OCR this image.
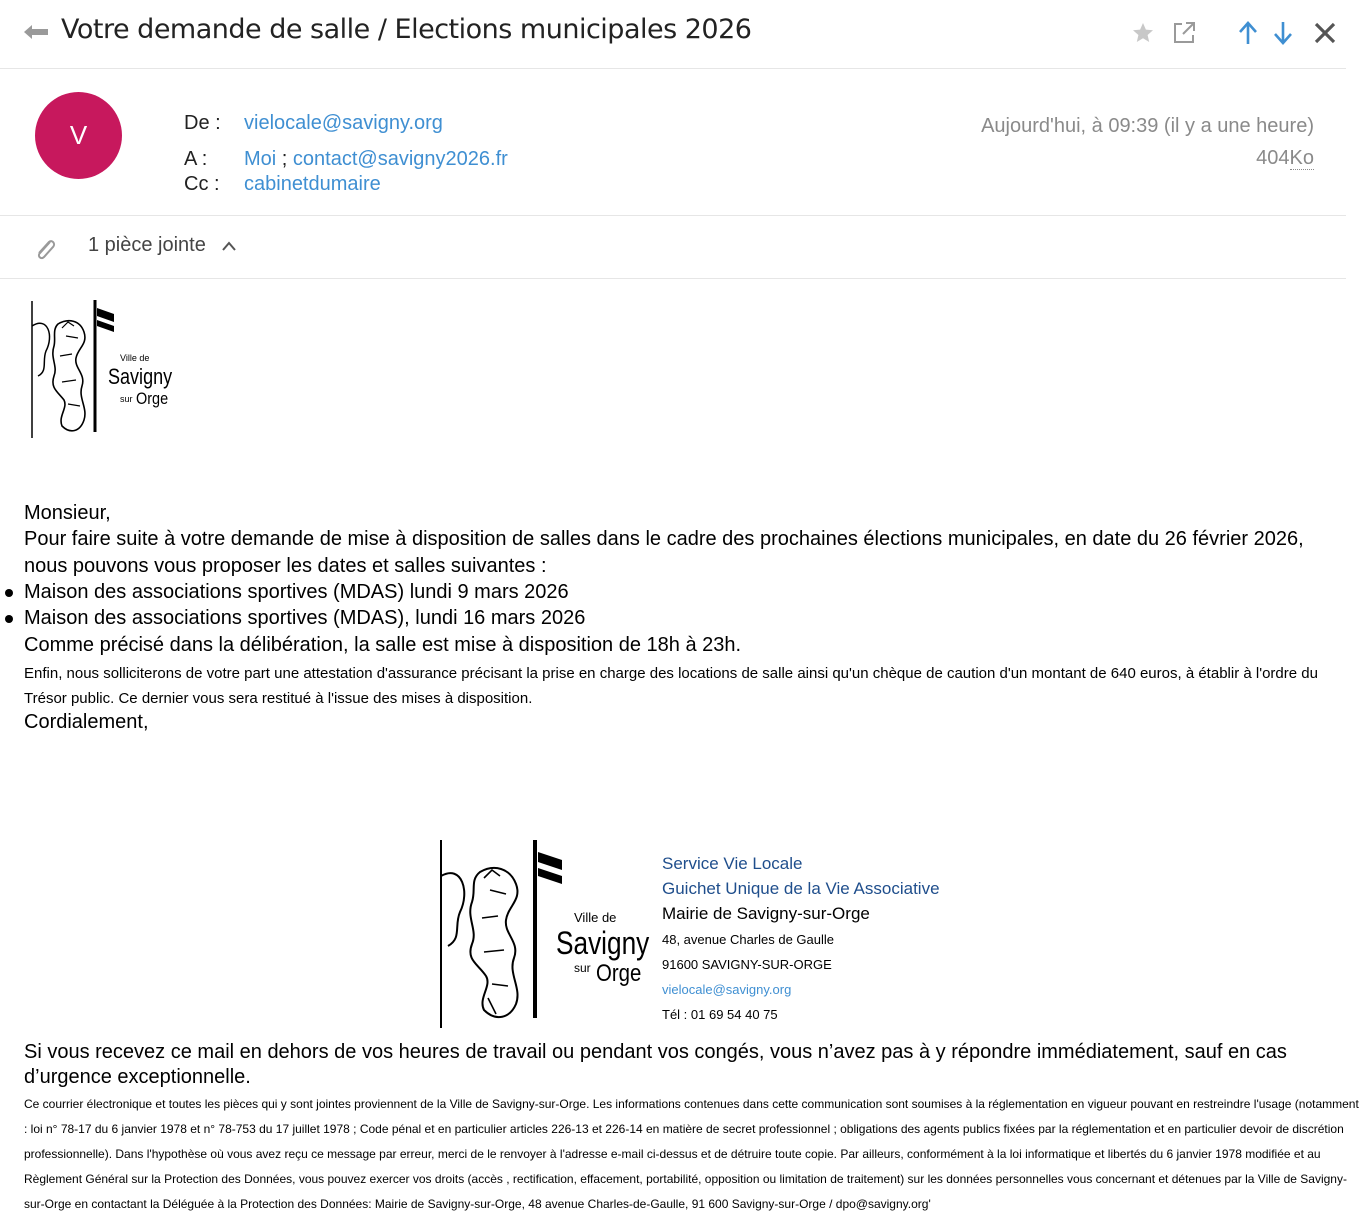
Votre demande de salle / Elections municipales 2026
V	De : vielocale@savigny.org
A : Moi ; contact@savigny2026.fr
Cc : cabinetdumaire
Aujourd'hui, à 09:39 (il y a une heure)
404Ko
1 pièce jointe
Ville de
Savigny
sur Orge
Monsieur,
Pour faire suite à votre demande de mise à disposition de salles dans le cadre des prochaines élections municipales, en date du 26 février 2026, nous pouvons vous proposer les dates et salles suivantes :
Maison des associations sportives (MDAS) lundi 9 mars 2026
Maison des associations sportives (MDAS), lundi 16 mars 2026
Comme précisé dans la délibération, la salle est mise à disposition de 18h à 23h.
Enfin, nous solliciterons de votre part une attestation d'assurance précisant la prise en charge des locations de salle ainsi qu'un chèque de caution d'un montant de 640 euros, à établir à l'ordre du Trésor public. Ce dernier vous sera restitué à l'issue des mises à disposition.
Cordialement,
Ville de
Savigny
sur Orge
Service Vie Locale
Guichet Unique de la Vie Associative
Mairie de Savigny-sur-Orge
48, avenue Charles de Gaulle
91600 SAVIGNY-SUR-ORGE
vielocale@savigny.org
Tél : 01 69 54 40 75
Si vous recevez ce mail en dehors de vos heures de travail ou pendant vos congés, vous n’avez pas à y répondre immédiatement, sauf en cas d’urgence exceptionnelle.
Ce courrier électronique et toutes les pièces qui y sont jointes proviennent de la Ville de Savigny-sur-Orge. Les informations contenues dans cette communication sont soumises à la réglementation en vigueur pouvant en restreindre l'usage (notamment : loi n° 78-17 du 6 janvier 1978 et n° 78-753 du 17 juillet 1978 ; Code pénal et en particulier articles 226-13 et 226-14 en matière de secret professionnel ; obligations des agents publics fixées par la réglementation et en particulier devoir de discrétion professionnelle). Dans l'hypothèse où vous avez reçu ce message par erreur, merci de le renvoyer à l'adresse e-mail ci-dessus et de détruire toute copie. Par ailleurs, conformément à la loi informatique et libertés du 6 janvier 1978 modifiée et au Règlement Général sur la Protection des Données, vous pouvez exercer vos droits (accès , rectification, effacement, portabilité, opposition ou limitation de traitement) sur les données personnelles vous concernant et détenues par la Ville de Savigny-sur-Orge en contactant la Déléguée à la Protection des Données: Mairie de Savigny-sur-Orge, 48 avenue Charles-de-Gaulle, 91 600 Savigny-sur-Orge / dpo@savigny.org'
